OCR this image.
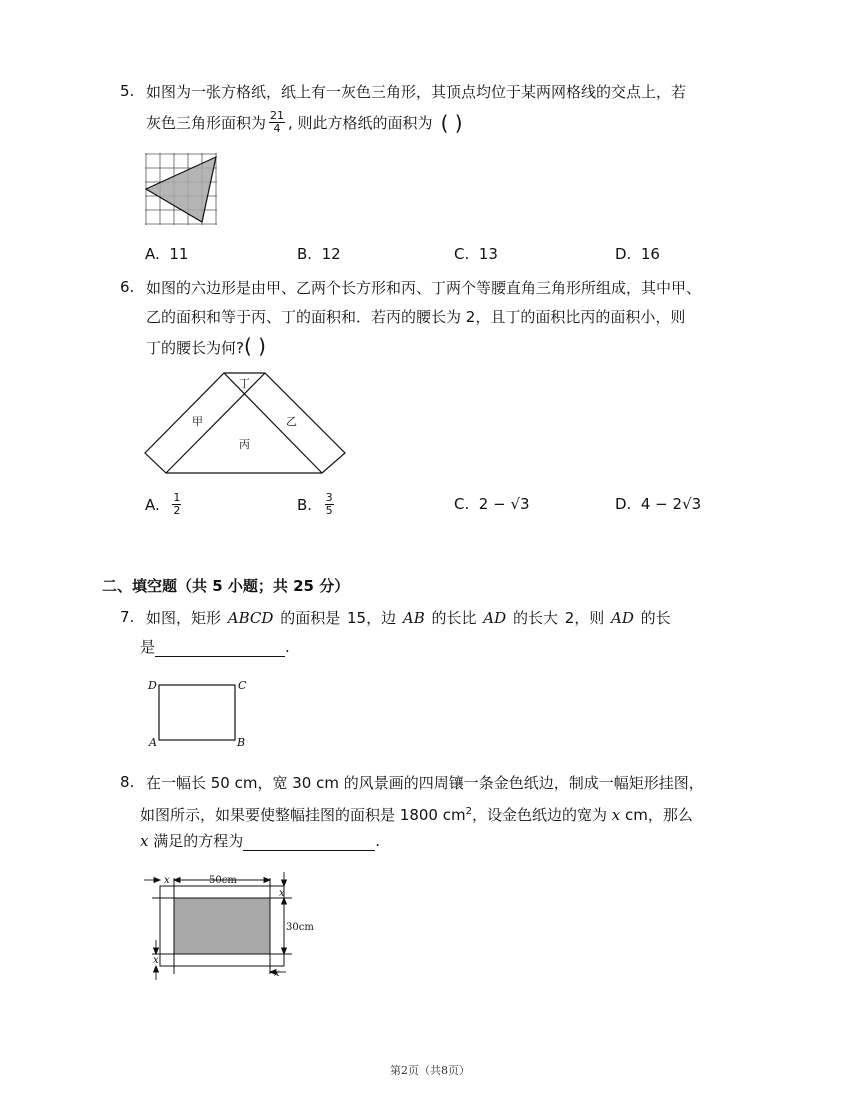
5. 如图为一张方格纸，纸上有一灰色三角形，其顶点均位于某两网格线的交点上，若
灰色三角形面积为 $\frac{21}{4}$ , 则此方格纸的面积为 ( )
A. 11	B. 12	C. 13	D. 16
6. 如图的六边形是由甲、乙两个长方形和丙、丁两个等腰直角三角形所组成，其中甲、
乙的面积和等于丙、丁的面积和．若丙的腰长为 2，且丁的面积比丙的面积小，则
丁的腰长为何?( )
丁
甲	乙
丙
A.
$\frac{1}{2}$	B.
$\frac{3}{5}$	C. 2 − √3	D. 4 − 2√3
二、填空题（共 5 小题；共 25 分）
7. 如图，矩形 ABCD 的面积是 15，边 AB 的长比 AD 的长大 2，则 AD 的长
是	.
D	C
A	B
8. 在一幅长 50 cm，宽 30 cm 的风景画的四周镶一条金色纸边，制成一幅矩形挂图，
如图所示，如果要使整幅挂图的面积是 1800 $cm^2$，设金色纸边的宽为 x cm，那么
x 满足的方程为	.
x	50cm
x
30cm
x
x
第2页（共8页）
